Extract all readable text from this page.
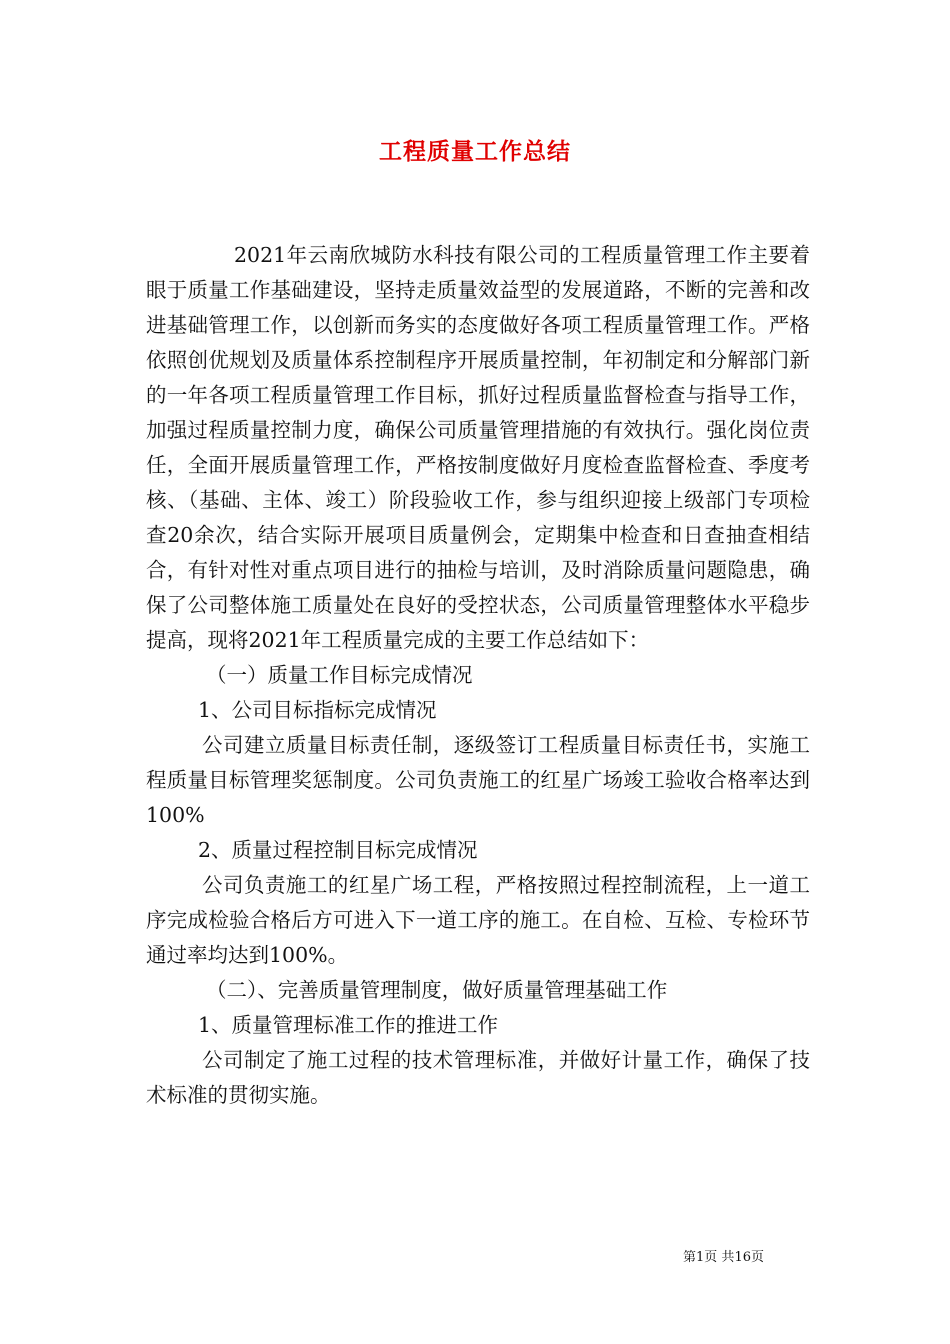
工程质量工作总结

2021年云南欣城防水科技有限公司的工程质量管理工作主要着眼于质量工作基础建设，坚持走质量效益型的发展道路，不断的完善和改进基础管理工作，以创新而务实的态度做好各项工程质量管理工作。严格依照创优规划及质量体系控制程序开展质量控制，年初制定和分解部门新的一年各项工程质量管理工作目标，抓好过程质量监督检查与指导工作，加强过程质量控制力度，确保公司质量管理措施的有效执行。强化岗位责任，全面开展质量管理工作，严格按制度做好月度检查监督检查、季度考核、（基础、主体、竣工）阶段验收工作，参与组织迎接上级部门专项检查20余次，结合实际开展项目质量例会，定期集中检查和日查抽查相结合，有针对性对重点项目进行的抽检与培训，及时消除质量问题隐患，确保了公司整体施工质量处在良好的受控状态，公司质量管理整体水平稳步提高，现将2021年工程质量完成的主要工作总结如下：

（一）质量工作目标完成情况

1、公司目标指标完成情况

公司建立质量目标责任制，逐级签订工程质量目标责任书，实施工程质量目标管理奖惩制度。公司负责施工的红星广场竣工验收合格率达到100%

2、质量过程控制目标完成情况

公司负责施工的红星广场工程，严格按照过程控制流程，上一道工序完成检验合格后方可进入下一道工序的施工。在自检、互检、专检环节通过率均达到100%。

（二）、完善质量管理制度，做好质量管理基础工作

1、质量管理标准工作的推进工作

公司制定了施工过程的技术管理标准，并做好计量工作，确保了技术标准的贯彻实施。

第1页 共16页
